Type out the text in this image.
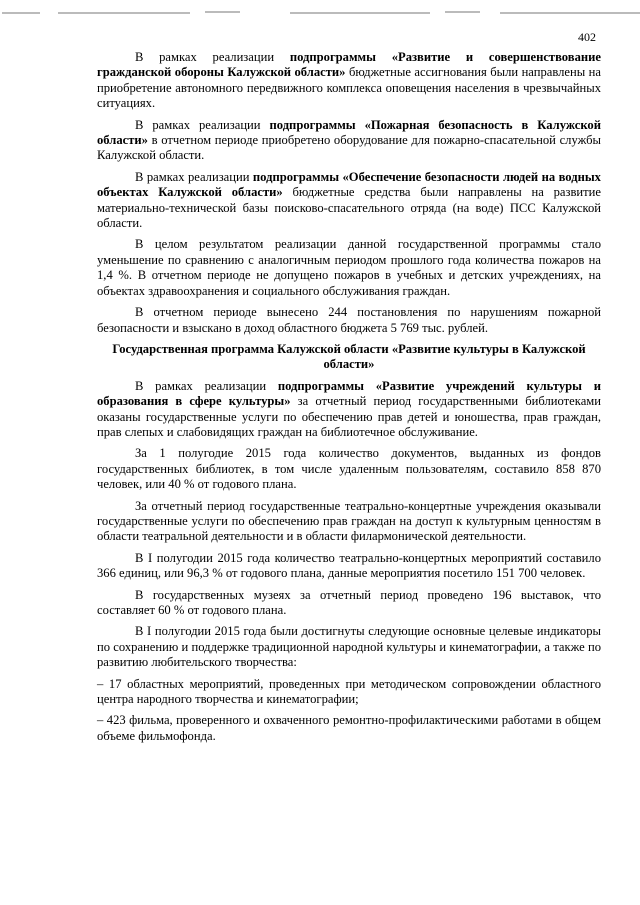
402

В рамках реализации подпрограммы «Развитие и совершенствование гражданской обороны Калужской области» бюджетные ассигнования были направлены на приобретение автономного передвижного комплекса оповещения населения в чрезвычайных ситуациях.

В рамках реализации подпрограммы «Пожарная безопасность в Калужской области» в отчетном периоде приобретено оборудование для пожарно-спасательной службы Калужской области.

В рамках реализации подпрограммы «Обеспечение безопасности людей на водных объектах Калужской области» бюджетные средства были направлены на развитие материально-технической базы поисково-спасательного отряда (на воде) ПСС Калужской области.

В целом результатом реализации данной государственной программы стало уменьшение по сравнению с аналогичным периодом прошлого года количества пожаров на 1,4 %. В отчетном периоде не допущено пожаров в учебных и детских учреждениях, на объектах здравоохранения и социального обслуживания граждан.

В отчетном периоде вынесено 244 постановления по нарушениям пожарной безопасности и взыскано в доход областного бюджета 5 769 тыс. рублей.

Государственная программа Калужской области «Развитие культуры в Калужской области»

В рамках реализации подпрограммы «Развитие учреждений культуры и образования в сфере культуры» за отчетный период государственными библиотеками оказаны государственные услуги по обеспечению прав детей и юношества, прав граждан, прав слепых и слабовидящих граждан на библиотечное обслуживание.

За 1 полугодие 2015 года количество документов, выданных из фондов государственных библиотек, в том числе удаленным пользователям, составило 858 870 человек, или 40 % от годового плана.

За отчетный период государственные театрально-концертные учреждения оказывали государственные услуги по обеспечению прав граждан на доступ к культурным ценностям в области театральной деятельности и в области филармонической деятельности.

В I полугодии 2015 года количество театрально-концертных мероприятий составило 366 единиц, или 96,3 % от годового плана, данные мероприятия посетило 151 700 человек.

В государственных музеях за отчетный период проведено 196 выставок, что составляет 60 % от годового плана.

В I полугодии 2015 года были достигнуты следующие основные целевые индикаторы по сохранению и поддержке традиционной народной культуры и кинематографии, а также по развитию любительского творчества:

– 17 областных мероприятий, проведенных при методическом сопровождении областного центра народного творчества и кинематографии;

– 423 фильма, проверенного и охваченного ремонтно-профилактическими работами в общем объеме фильмофонда.
